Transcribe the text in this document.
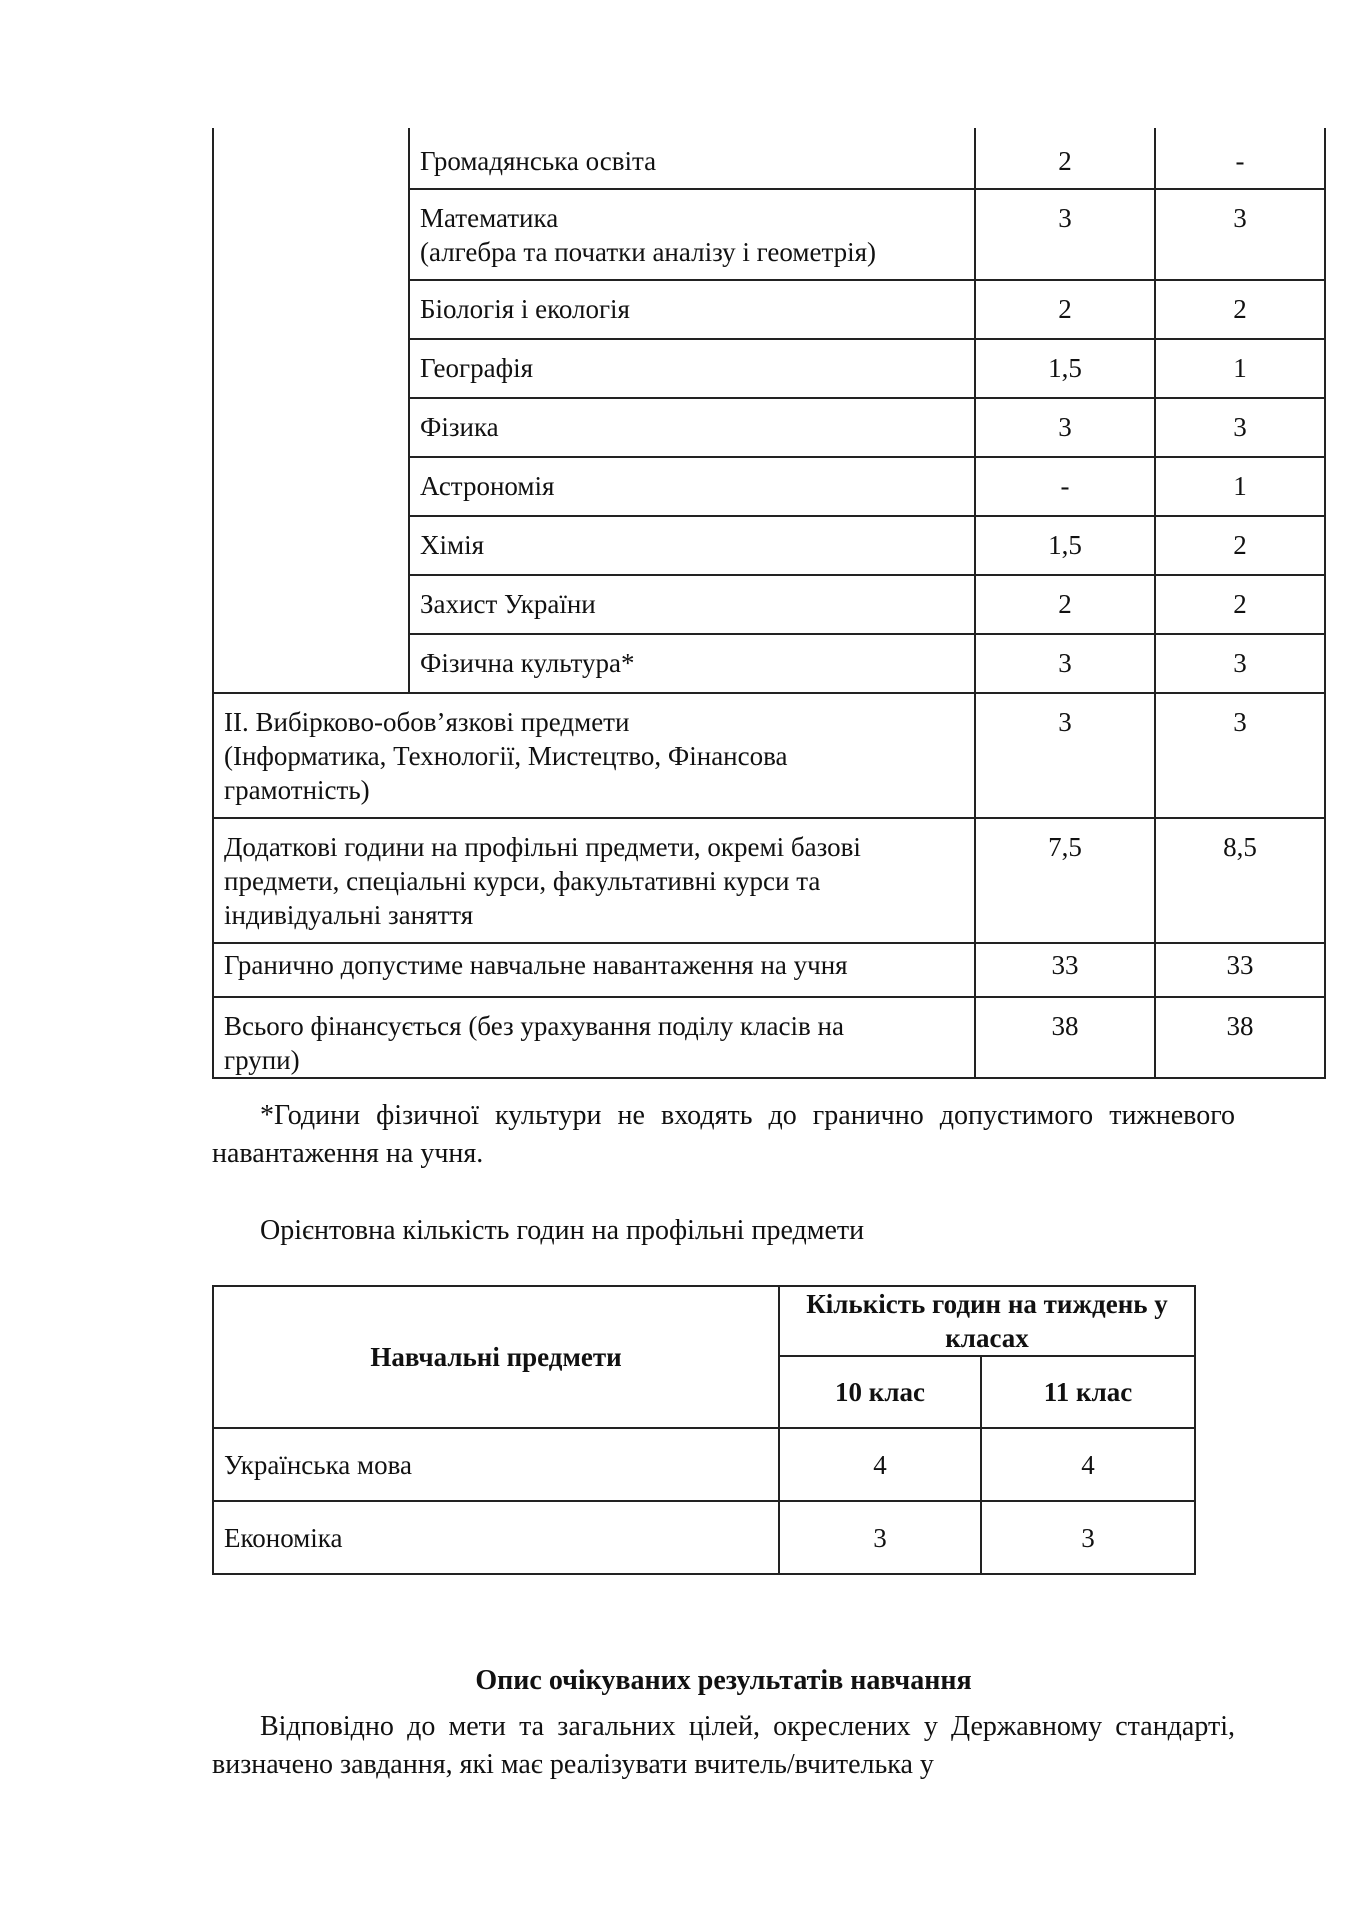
	Громадянська освіта	2	-

	Математика
(алгебра та початки аналізу і геометрія)	3	3
	Біологія і екологія	2	2
	Географія	1,5	1
	Фізика	3	3
	Астрономія	-	1
	Хімія	1,5	2
	Захист України	2	2
	Фізична культура*	3	3

ІІ. Вибірково-обов’язкові предмети
(Інформатика, Технології, Мистецтво, Фінансова грамотність)		3	3
Додаткові години на профільні предмети, окремі базові предмети, спеціальні курси, факультативні курси та індивідуальні заняття		7,5	8,5
Гранично допустиме навчальне навантаження на учня		33	33
Всього фінансується (без урахування поділу класів на групи)		38	38
*Години фізичної культури не входять до гранично допустимого тижневого навантаження на учня.
Орієнтовна кількість годин на профільні предмети
Навчальні предмети	Кількість годин на тиждень у класах	
	10 клас	11 клас
Українська мова	4	4
Економіка	3	3
Опис очікуваних результатів навчання
Відповідно до мети та загальних цілей, окреслених у Державному стандарті, визначено завдання, які має реалізувати вчитель/вчителька у
